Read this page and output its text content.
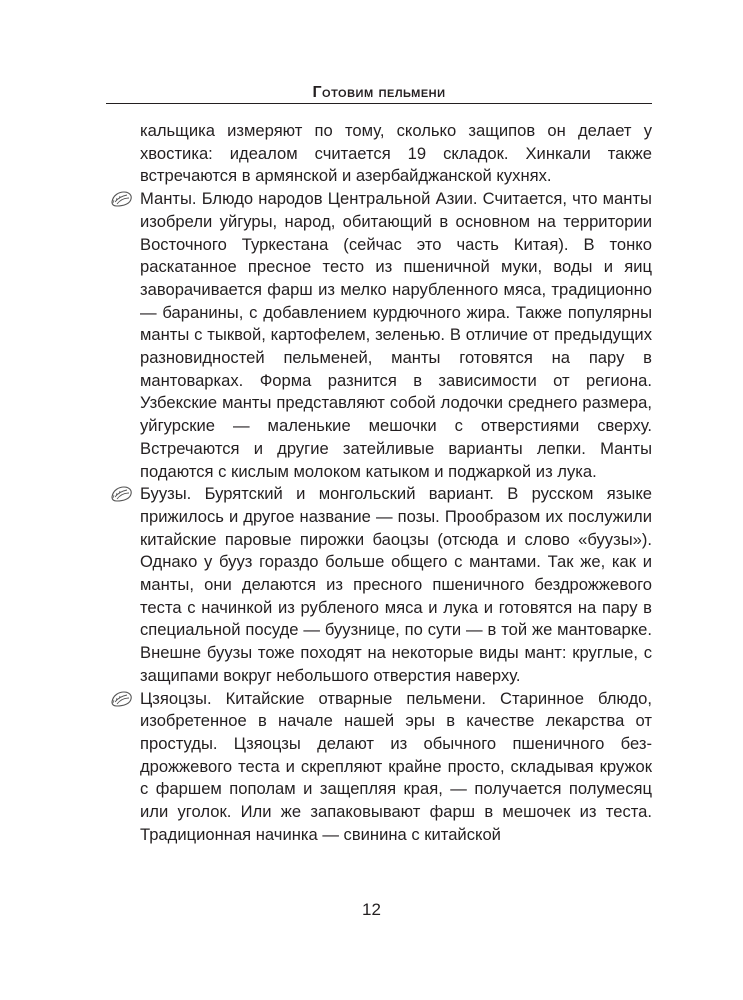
Готовим пельмени
кальщика измеряют по тому, сколько защипов он делает у хвостика: идеалом считается 19 складок. Хинкали также встречаются в армянской и азербайджанской кухнях.
Манты. Блюдо народов Центральной Азии. Считается, что манты изобрели уйгуры, народ, обитающий в основном на территории Восточного Туркестана (сейчас это часть Китая). В тонко раскатанное пресное тесто из пшеничной муки, воды и яиц заворачивается фарш из мелко нарубленного мяса, традиционно — баранины, с добавлением курдючного жира. Также популярны манты с тыквой, картофелем, зеленью. В отличие от предыдущих разновидностей пельменей, манты готовятся на пару в мантоварках. Форма разнится в зависимости от региона. Узбекские манты представляют собой лодочки среднего размера, уйгурские — маленькие мешочки с отверстиями сверху. Встречаются и другие затейливые варианты лепки. Манты подаются с кислым молоком катыком и поджаркой из лука.
Буузы. Бурятский и монгольский вариант. В русском языке прижилось и другое название — позы. Прообразом их послужили китайские паровые пирожки баоцзы (отсюда и слово «буузы»). Однако у бууз гораздо больше общего с мантами. Так же, как и манты, они делаются из пресного пшеничного бездрожжевого теста с начинкой из рубленого мяса и лука и готовятся на пару в специальной посуде — буузнице, по сути — в той же мантоварке. Внешне буузы тоже походят на некоторые виды мант: круглые, с защипами вокруг небольшого отверстия наверху.
Цзяоцзы. Китайские отварные пельмени. Старинное блюдо, изобретенное в начале нашей эры в качестве лекарства от простуды. Цзяоцзы делают из обычного пшеничного бездрожжевого теста и скрепляют крайне просто, складывая кружок с фаршем пополам и защепляя края, — получается полумесяц или уголок. Или же запаковывают фарш в мешочек из теста. Традиционная начинка — свинина с китайской
12
